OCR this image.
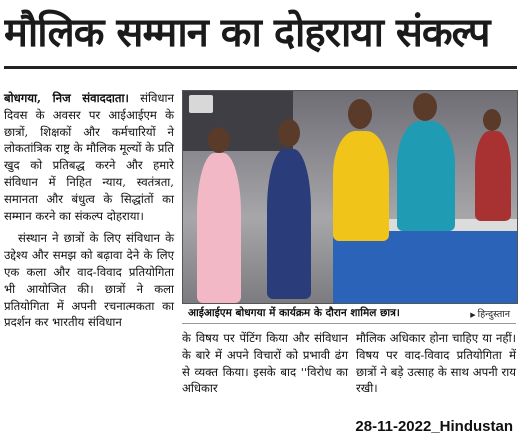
मौलिक सम्मान का दोहराया संकल्प

बोधगया, निज संवाददाता। संविधान दिवस के अवसर पर आईआईएम के छात्रों, शिक्षकों और कर्मचारियों ने लोकतांत्रिक राष्ट्र के मौलिक मूल्यों के प्रति खुद को प्रतिबद्ध करने और हमारे संविधान में निहित न्याय, स्वतंत्रता, समानता और बंधुत्व के सिद्धांतों का सम्मान करने का संकल्प दोहराया।

संस्थान ने छात्रों के लिए संविधान के उद्देश्य और समझ को बढ़ावा देने के लिए एक कला और वाद-विवाद प्रतियोगिता भी आयोजित की। छात्रों ने कला प्रतियोगिता में अपनी रचनात्मकता का प्रदर्शन कर भारतीय संविधान

आईआईएम बोधगया में कार्यक्रम के दौरान शामिल छात्र।	▶ हिन्दुस्तान

के विषय पर पेंटिंग किया और संविधान के बारे में अपने विचारों को प्रभावी ढंग से व्यक्त किया। इसके बाद ''विरोध का अधिकार

मौलिक अधिकार होना चाहिए या नहीं। विषय पर वाद-विवाद प्रतियोगिता में छात्रों ने बड़े उत्साह के साथ अपनी राय रखी।

28-11-2022_Hindustan
